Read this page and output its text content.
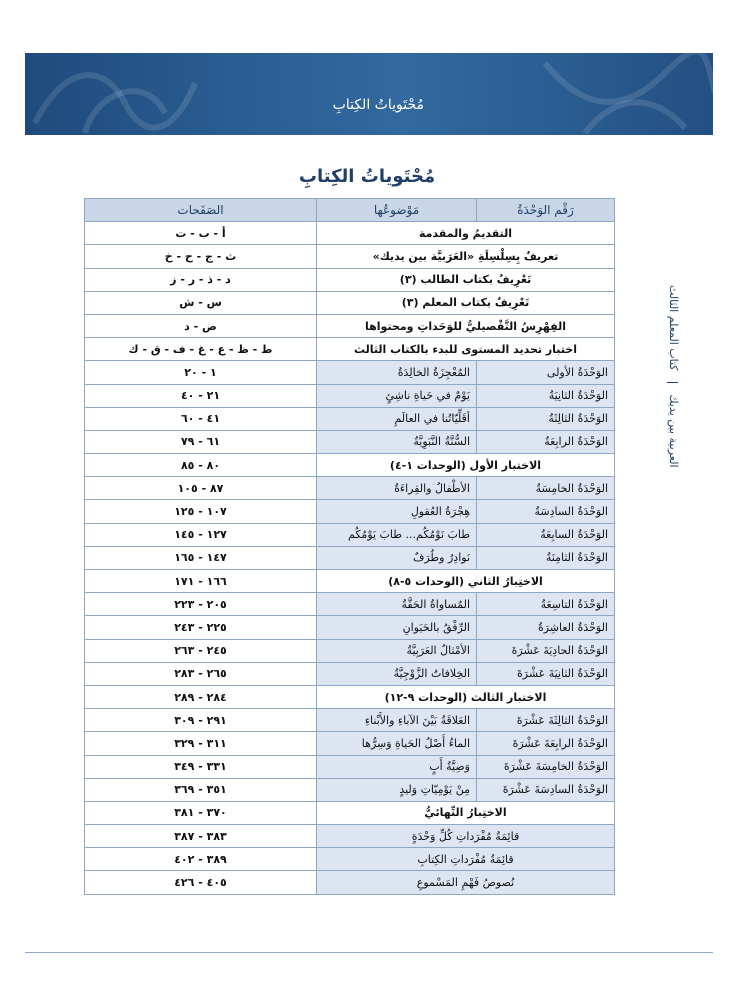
مُحْتَوياتُ الكِتابِ
مُحْتَوياتُ الكِتابِ
العربية بين يديك  كتاب المعلم الثالث
رَقْم الوَحْدَةُ	مَوْضوعُها	الصَفَحات
التقديمُ والمقدمة		أ - ب - ت
تعريفٌ بِسِلْسِلَةِ «العَرَبيَّة بين يديك»		ث - ج - ح - خ
تَعْرِيفٌ بكتاب الطالب (٣)		د - ذ - ر - ز
تَعْرِيفٌ بكتاب المعلم (٣)		س - ش
الفِهْرِسُ التَّفْصيليُّ للوَحَداتِ ومحتواها		ص - د
اختبار تحديد المستوى للبدء بالكتاب الثالث		ط - ظ - ع - غ - ف - ق - ك
الوَحْدَةُ الأولى	المُعْجِزَةُ الخالِدَةُ	١ - ٢٠
الوَحْدَةُ الثانِيَةُ	يَوْمٌ في حَياةِ ناشِئٍ	٢١ - ٤٠
الوَحْدَةُ الثالِثَةُ	أقَلِّيّاتُنا في العالَمِ	٤١ - ٦٠
الوَحْدَةُ الرابِعَةُ	السُّنَّةُ النَّبَوِيَّةُ	٦١ - ٧٩
الاختبار الأول (الوحدات ١-٤)		٨٠ - ٨٥
الوَحْدَةُ الخامِسَةُ	الأطْفالُ والقِراءَةُ	٨٧ - ١٠٥
الوَحْدَةُ السادِسَةُ	هِجْرَةُ العُقولِ	١٠٧ - ١٢٥
الوَحْدَةُ السابِعَةُ	طابَ نَوْمُكُم... طابَ يَوْمُكُم	١٢٧ - ١٤٥
الوَحْدَةُ الثامِنَةُ	نَوادِرُ وطُرَفٌ	١٤٧ - ١٦٥
الاختِبارُ الثاني (الوحدات ٥-٨)		١٦٦ - ١٧١
الوَحْدَةُ التاسِعَةُ	المُساواةُ الحَقَّةُ	٢٠٥ - ٢٢٣
الوَحْدَةُ العاشِرَةُ	الرِّفْقُ بالحَيَوانِ	٢٢٥ - ٢٤٣
الوَحْدَةُ الحادِيَةَ عَشْرَةَ	الأمْثالُ العَرَبِيَّةُ	٢٤٥ - ٢٦٣
الوَحْدَةُ الثانِيَةَ عَشْرَةَ	الخِلافاتُ الزَّوْجِيَّةُ	٢٦٥ - ٢٨٣
الاختبار الثالث (الوحدات ٩-١٢)		٢٨٤ - ٢٨٩
الوَحْدَةُ الثالِثَةَ عَشْرَةَ	العَلاقَةُ بَيْنَ الآباءِ والأَبْناءِ	٢٩١ - ٣٠٩
الوَحْدَةُ الرابِعَةَ عَشْرَةَ	الماءُ أَصْلُ الحَياةِ وَسِرُّها	٣١١ - ٣٢٩
الوَحْدَةُ الخامِسَةَ عَشْرَةَ	وَصِيَّةُ أَبٍ	٣٣١ - ٣٤٩
الوَحْدَةُ السادِسَةَ عَشْرَةَ	مِنْ يَوْمِيّاتِ وَليدٍ	٣٥١ - ٣٦٩
الاختِبارُ النِّهائيُّ		٣٧٠ - ٣٨١
قائِمَةُ مُفْرَداتِ كُلِّ وَحْدَةٍ		٣٨٣ - ٣٨٧
قائِمَةُ مُفْرَداتِ الكِتابِ		٣٨٩ - ٤٠٢
نُصوصُ فَهْمِ المَسْموعِ		٤٠٥ - ٤٢٦
